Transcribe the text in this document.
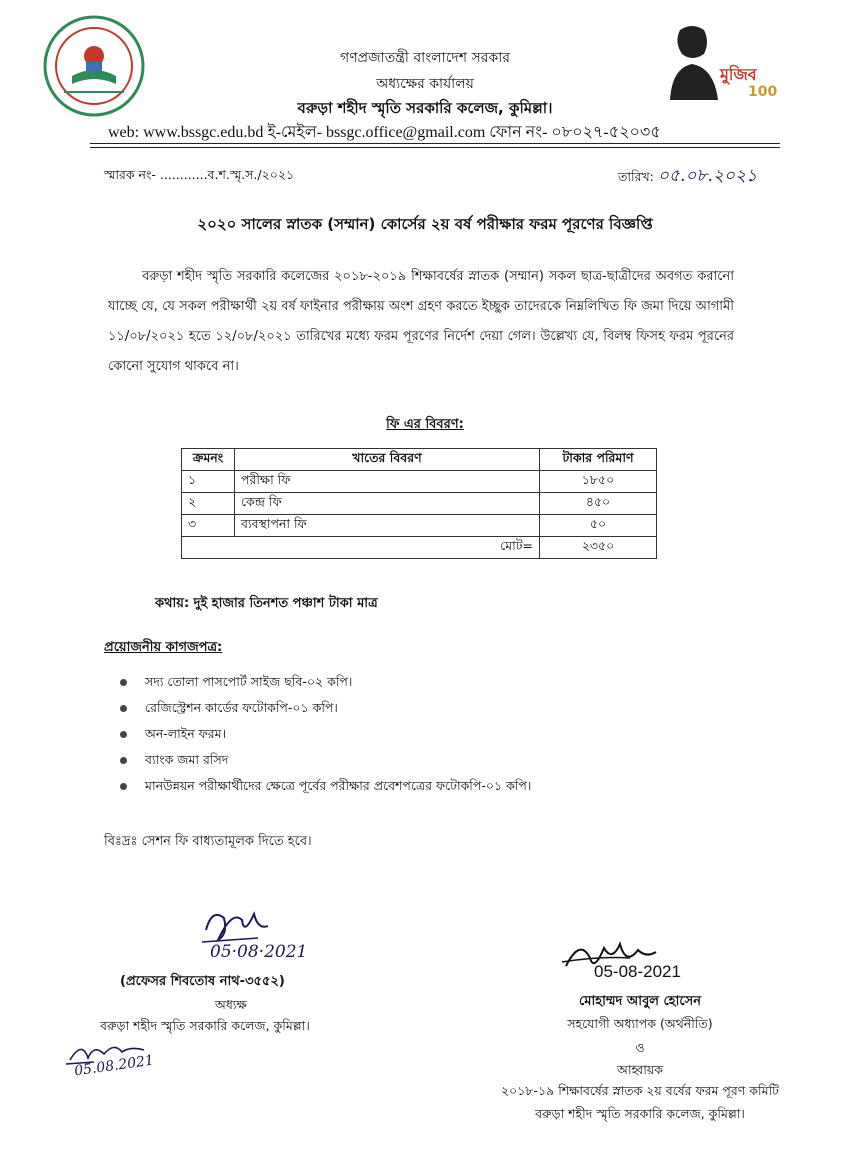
গণপ্রজাতন্ত্রী বাংলাদেশ সরকার
অধ্যক্ষের কার্যালয়
বরুড়া শহীদ স্মৃতি সরকারি কলেজ, কুমিল্লা।
web: www.bssgc.edu.bd ই-মেইল- bssgc.office@gmail.com ফোন নং- ০৮০২৭-৫২০৩৫
মুজিব
100
স্মারক নং- ............ব.শ.স্মৃ.স./২০২১	তারিখ: ০৫.০৮.২০২১
২০২০ সালের স্নাতক (সম্মান) কোর্সের ২য় বর্ষ পরীক্ষার ফরম পূরণের বিজ্ঞপ্তি
বরুড়া শহীদ স্মৃতি সরকারি কলেজের ২০১৮-২০১৯ শিক্ষাবর্ষের স্নাতক (সম্মান) সকল ছাত্র-ছাত্রীদের অবগত করানো যাচ্ছে যে, যে সকল পরীক্ষার্থী ২য় বর্ষ ফাইনার পরীক্ষায় অংশ গ্রহণ করতে ইচ্ছুক তাদেরকে নিম্নলিখিত ফি জমা দিয়ে আগামী ১১/০৮/২০২১ হতে ১২/০৮/২০২১ তারিখের মধ্যে ফরম পূরণের নির্দেশ দেয়া গেল। উল্লেখ্য যে, বিলম্ব ফিসহ ফরম পূরনের কোনো সুযোগ থাকবে না।
ফি এর বিবরণ:
ক্রমনং	খাতের বিবরণ	টাকার পরিমাণ
১	পরীক্ষা ফি	১৮৫০
২	কেন্দ্র ফি	৪৫০
৩	ব্যবস্থাপনা ফি	৫০
	মোট=	২৩৫০
কথায়: দুই হাজার তিনশত পঞ্চাশ টাকা মাত্র
প্রয়োজনীয় কাগজপত্র:
সদ্য তোলা পাসপোর্ট সাইজ ছবি-০২ কপি।
রেজিস্ট্রেশন কার্ডের ফটোকপি-০১ কপি।
অন-লাইন ফরম।
ব্যাংক জমা রসিদ
মানউন্নয়ন পরীক্ষার্থীদের ক্ষেত্রে পূর্বের পরীক্ষার প্রবেশপত্রের ফটোকপি-০১ কপি।
বিঃদ্রঃ সেশন ফি বাধ্যতামূলক দিতে হবে।
05·08·2021
(প্রফেসর শিবতোষ নাথ-৩৫৫২)
অধ্যক্ষ
বরুড়া শহীদ স্মৃতি সরকারি কলেজ, কুমিল্লা।
05.08.2021
05-08-2021
মোহাম্মদ আবুল হোসেন
সহযোগী অধ্যাপক (অর্থনীতি)
ও
আহ্বায়ক
২০১৮-১৯ শিক্ষাবর্ষের স্নাতক ২য় বর্ষের ফরম পূরণ কমিটি
বরুড়া শহীদ স্মৃতি সরকারি কলেজ, কুমিল্লা।
